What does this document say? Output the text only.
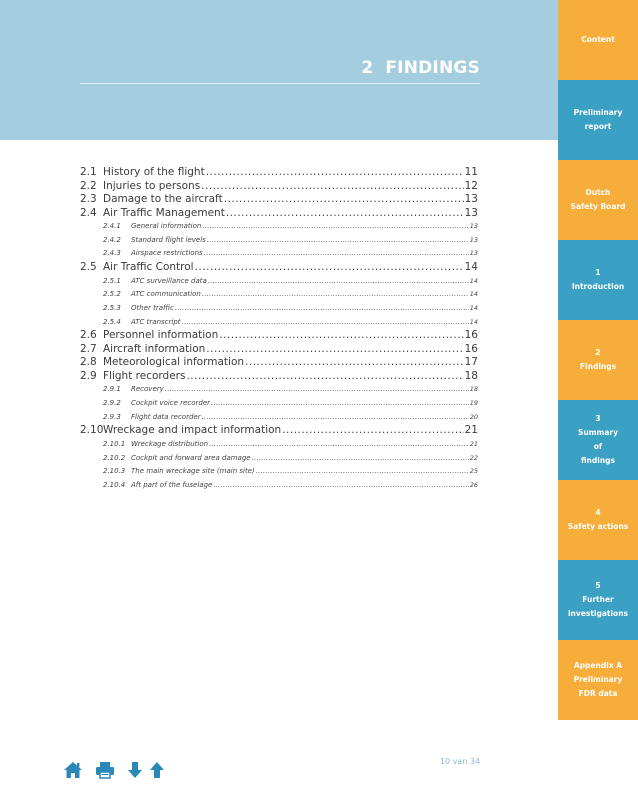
2 FINDINGS
Content
Preliminary
report
Dutch
Safety Board
1
Introduction
2
Findings
3
Summary
of
findings
4
Safety actions
5
Further
investigations
Appendix A
Preliminary
FDR data
2.1 History of the flight .....	11
2.2 Injuries to persons .....	12
2.3 Damage to the aircraft .....	13
2.4 Air Traffic Management .....	13
2.4.1	General information .....	13
2.4.2	Standard flight levels .....	13
2.4.3	Airspace restrictions .....	13
2.5 Air Traffic Control .....	14
2.5.1	ATC surveillance data .....	14
2.5.2	ATC communication .....	14
2.5.3	Other traffic .....	14
2.5.4	ATC transcript .....	14
2.6 Personnel information .....	16
2.7 Aircraft information .....	16
2.8 Meteorological information .....	17
2.9 Flight recorders .....	18
2.9.1	Recovery .....	18
2.9.2	Cockpit voice recorder .....	19
2.9.3	Flight data recorder .....	20
2.10 Wreckage and impact information .....	21
2.10.1 Wreckage distribution .....	21
2.10.2 Cockpit and forward area damage .....	22
2.10.3 The main wreckage site (main site) .....	25
2.10.4 Aft part of the fuselage .....	26
10 van 34
